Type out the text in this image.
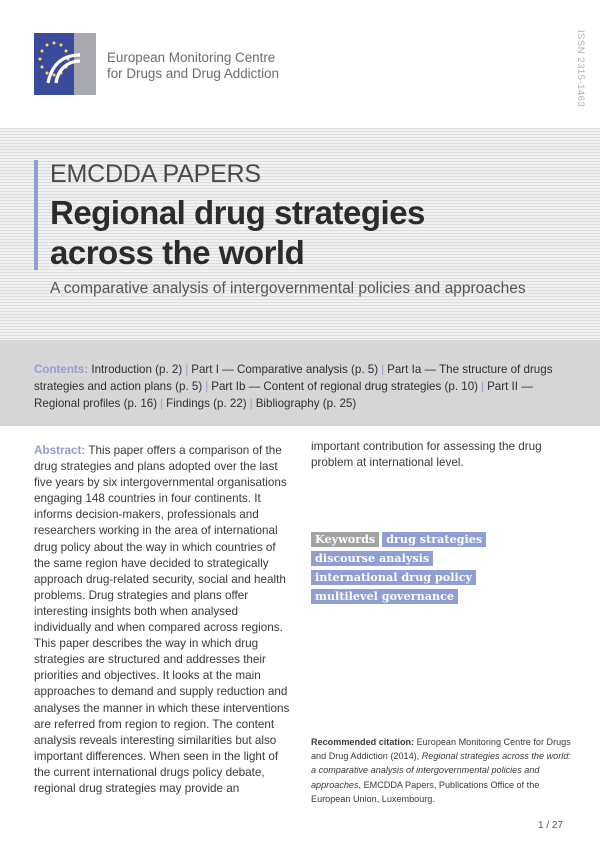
European Monitoring Centre
for Drugs and Drug Addiction	ISSN 2315-1463
EMCDDA PAPERS
Regional drug strategies
across the world
A comparative analysis of intergovernmental policies and approaches
Contents: Introduction (p. 2) | Part I — Comparative analysis (p. 5) | Part Ia — The structure of drugs strategies and action plans (p. 5) | Part Ib — Content of regional drug strategies (p. 10) | Part II — Regional profiles (p. 16) | Findings (p. 22) | Bibliography (p. 25)
Abstract: This paper offers a comparison of the drug strategies and plans adopted over the last five years by six intergovernmental organisations engaging 148 countries in four continents. It informs decision-makers, professionals and researchers working in the area of international drug policy about the way in which countries of the same region have decided to strategically approach drug-related security, social and health problems. Drug strategies and plans offer interesting insights both when analysed individually and when compared across regions. This paper describes the way in which drug strategies are structured and addresses their priorities and objectives. It looks at the main approaches to demand and supply reduction and analyses the manner in which these interventions are referred from region to region. The content analysis reveals interesting similarities but also important differences. When seen in the light of the current international drugs policy debate, regional drug strategies may provide an
important contribution for assessing the drug problem at international level.
Keywords drug strategies
discourse analysis
international drug policy
multilevel governance
Recommended citation: European Monitoring Centre for Drugs and Drug Addiction (2014), Regional strategies across the world: a comparative analysis of intergovernmental policies and approaches, EMCDDA Papers, Publications Office of the European Union, Luxembourg.
1 / 27
